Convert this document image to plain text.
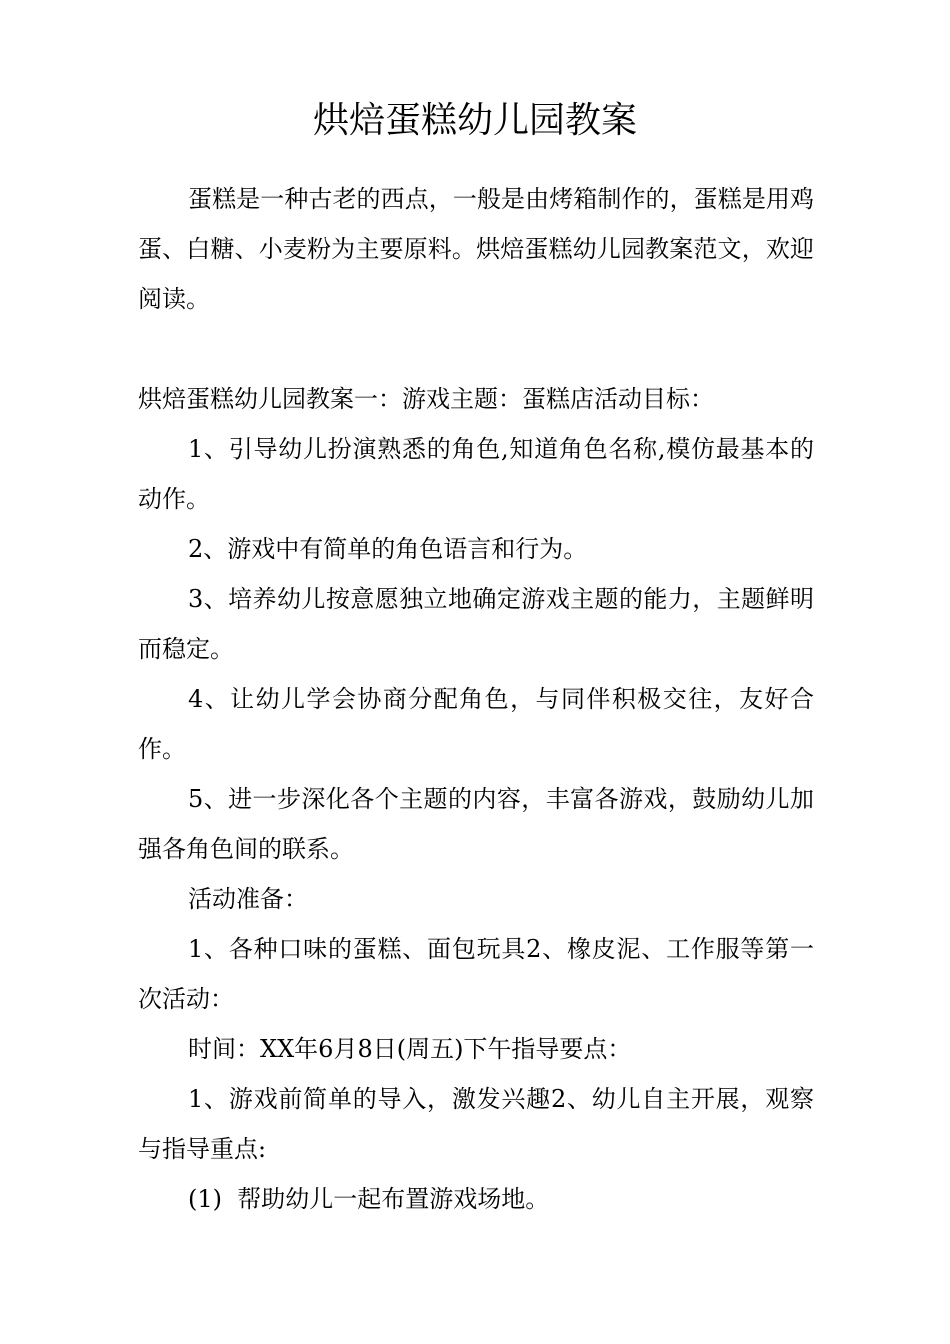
烘焙蛋糕幼儿园教案

蛋糕是一种古老的西点，一般是由烤箱制作的，蛋糕是用鸡蛋、白糖、小麦粉为主要原料。烘焙蛋糕幼儿园教案范文，欢迎阅读。

烘焙蛋糕幼儿园教案一：游戏主题：蛋糕店活动目标：

1、引导幼儿扮演熟悉的角色,知道角色名称,模仿最基本的动作。

2、游戏中有简单的角色语言和行为。

3、培养幼儿按意愿独立地确定游戏主题的能力，主题鲜明而稳定。

4、让幼儿学会协商分配角色，与同伴积极交往，友好合作。

5、进一步深化各个主题的内容，丰富各游戏，鼓励幼儿加强各角色间的联系。

活动准备：

1、各种口味的蛋糕、面包玩具2、橡皮泥、工作服等第一次活动：

时间：XX年6月8日(周五)下午指导要点：

1、游戏前简单的导入，激发兴趣2、幼儿自主开展，观察与指导重点:

(1)  帮助幼儿一起布置游戏场地。
